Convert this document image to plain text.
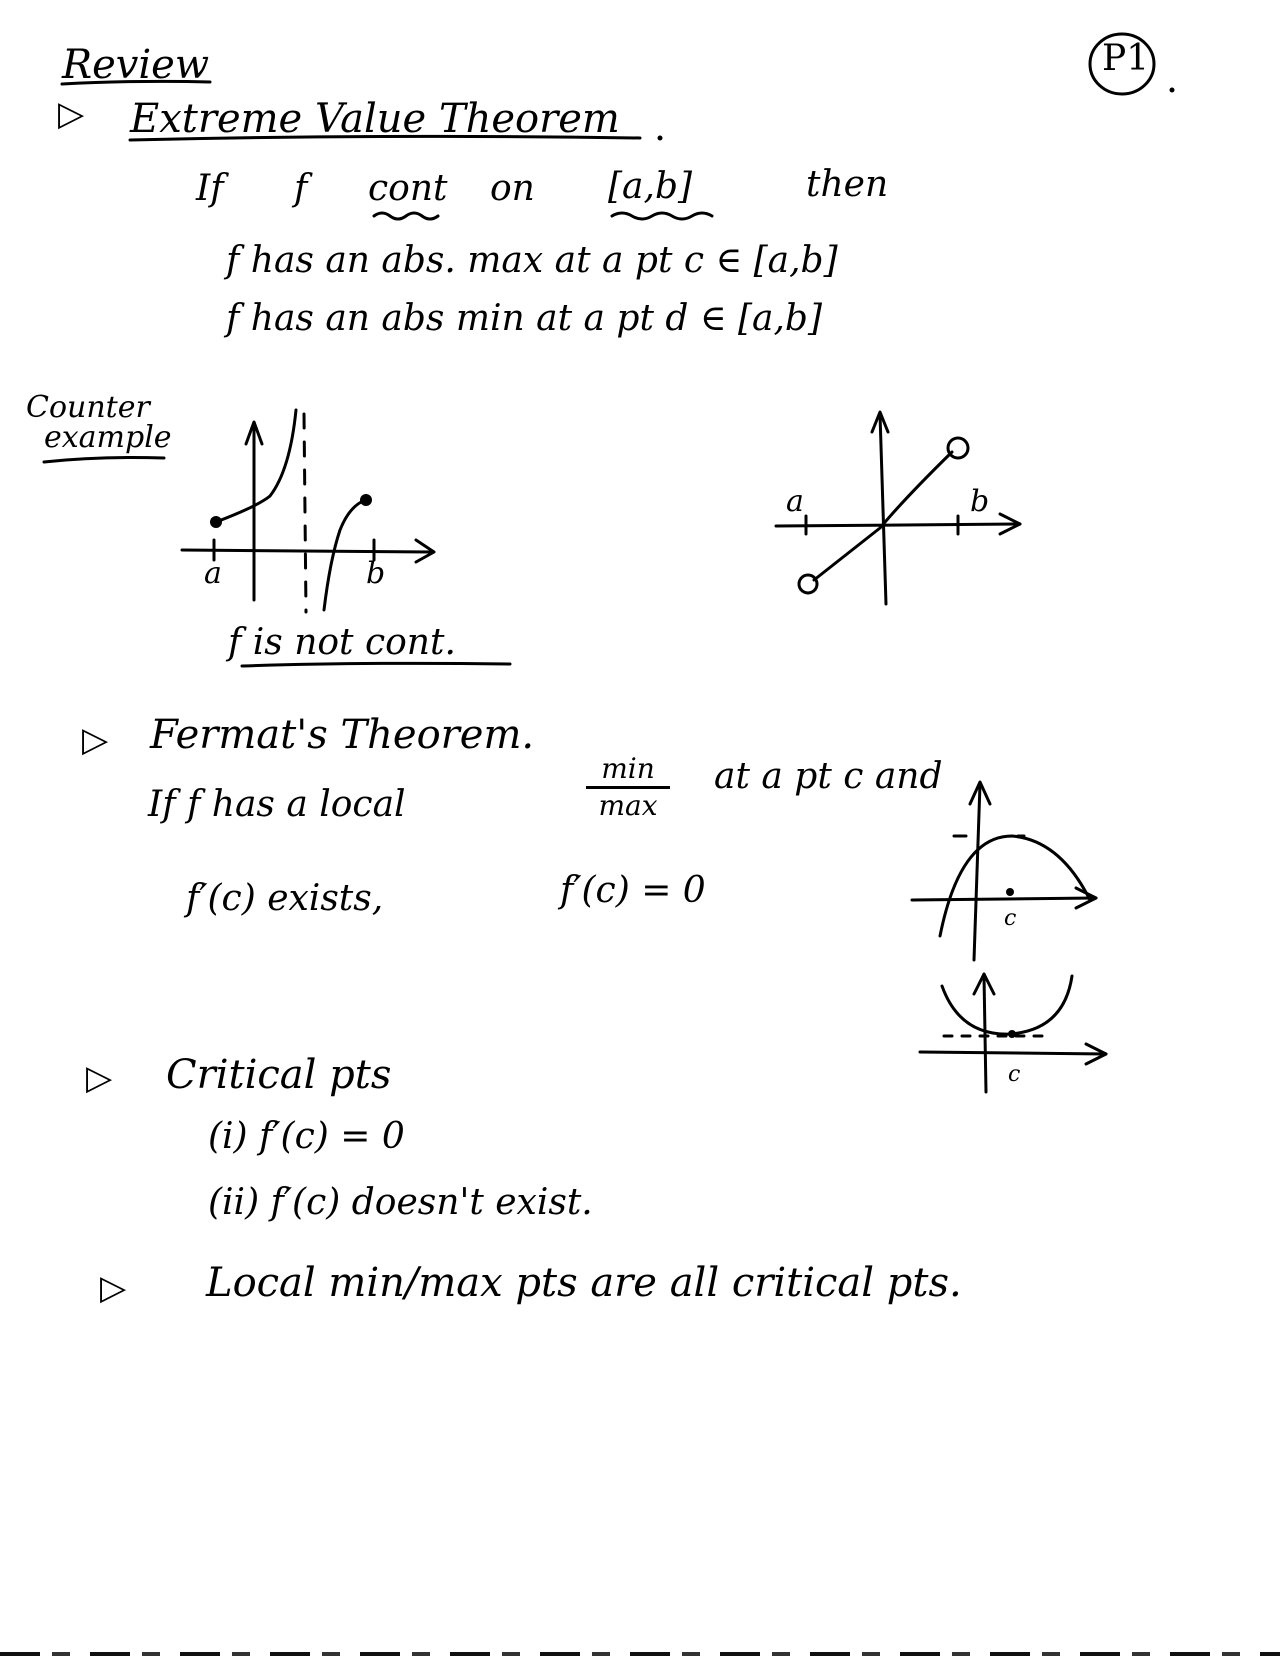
P1
Review
▷ Extreme Value Theorem
If f cont on [a,b]	then
f has an abs. max at a pt c ∈ [a,b]
f has an abs min at a pt d ∈ [a,b]
Counter
example
a	b
f is not cont.
a	b
▷ Fermat's Theorem.
If f has a local
min
max
at a pt c and
f′(c) exists,	f′(c) = 0
c
c
▷ Critical pts
(i) f′(c) = 0
(ii) f′(c) doesn't exist.
▷ Local min/max pts are all critical pts.
